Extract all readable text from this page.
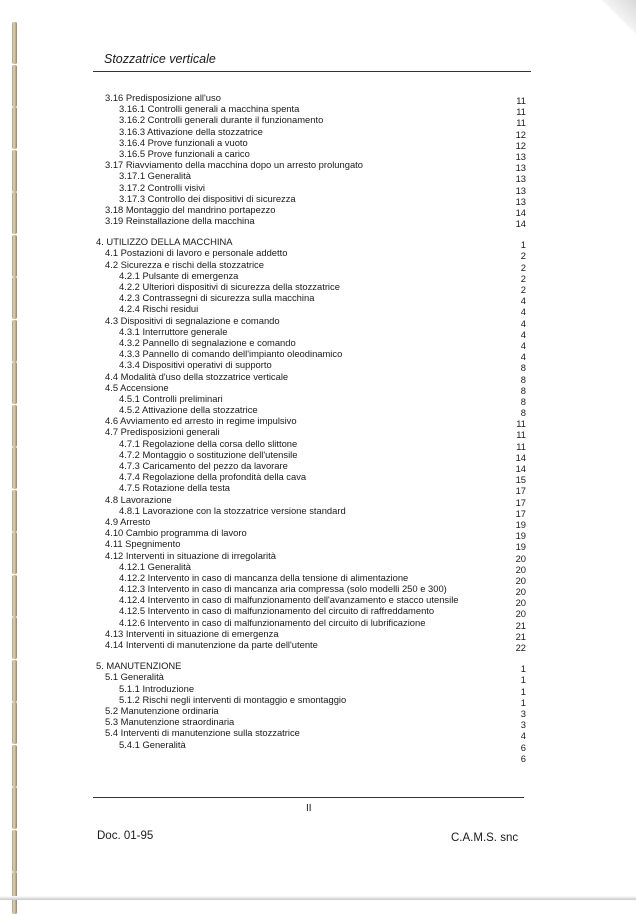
Stozzatrice verticale
3.16 Predisposizione all'uso	11
3.16.1 Controlli generali a macchina spenta	11
3.16.2 Controlli generali durante il funzionamento	11
3.16.3 Attivazione della stozzatrice	12
3.16.4 Prove funzionali a vuoto	12
3.16.5 Prove funzionali a carico	13
3.17 Riavviamento della macchina dopo un arresto prolungato	13
3.17.1 Generalità	13
3.17.2 Controlli visivi	13
3.17.3 Controllo dei dispositivi di sicurezza	13
3.18 Montaggio del mandrino portapezzo	14
3.19 Reinstallazione della macchina	14
4. UTILIZZO DELLA MACCHINA	1
4.1 Postazioni di lavoro e personale addetto	2
4.2 Sicurezza e rischi della stozzatrice	2
4.2.1 Pulsante di emergenza	2
4.2.2 Ulteriori dispositivi di sicurezza della stozzatrice	2
4.2.3 Contrassegni di sicurezza sulla macchina	4
4.2.4 Rischi residui	4
4.3 Dispositivi di segnalazione e comando	4
4.3.1 Interruttore generale	4
4.3.2 Pannello di segnalazione e comando	4
4.3.3 Pannello di comando dell'impianto oleodinamico	4
4.3.4 Dispositivi operativi di supporto	8
4.4 Modalità d'uso della stozzatrice verticale	8
4.5 Accensione	8
4.5.1 Controlli preliminari	8
4.5.2 Attivazione della stozzatrice	8
4.6 Avviamento ed arresto in regime impulsivo	11
4.7 Predisposizioni generali	11
4.7.1 Regolazione della corsa dello slittone	11
4.7.2 Montaggio o sostituzione dell'utensile	14
4.7.3 Caricamento del pezzo da lavorare	14
4.7.4 Regolazione della profondità della cava	15
4.7.5 Rotazione della testa	17
4.8 Lavorazione	17
4.8.1 Lavorazione con la stozzatrice versione standard	17
4.9 Arresto	19
4.10 Cambio programma di lavoro	19
4.11 Spegnimento	19
4.12 Interventi in situazione di irregolarità	20
4.12.1 Generalità	20
4.12.2 Intervento in caso di mancanza della tensione di alimentazione	20
4.12.3 Intervento in caso di mancanza aria compressa (solo modelli 250 e 300)	20
4.12.4 Intervento in caso di malfunzionamento dell'avanzamento e stacco utensile	20
4.12.5 Intervento in caso di malfunzionamento del circuito di raffreddamento	20
4.12.6 Intervento in caso di malfunzionamento del circuito di lubrificazione	21
4.13 Interventi in situazione di emergenza	21
4.14 Interventi di manutenzione da parte dell'utente	22
5. MANUTENZIONE	1
5.1 Generalità	1
5.1.1 Introduzione	1
5.1.2 Rischi negli interventi di montaggio e smontaggio	1
5.2 Manutenzione ordinaria	3
5.3 Manutenzione straordinaria	3
5.4 Interventi di manutenzione sulla stozzatrice	4
5.4.1 Generalità	6
6
II
Doc. 01-95	C.A.M.S. snc
